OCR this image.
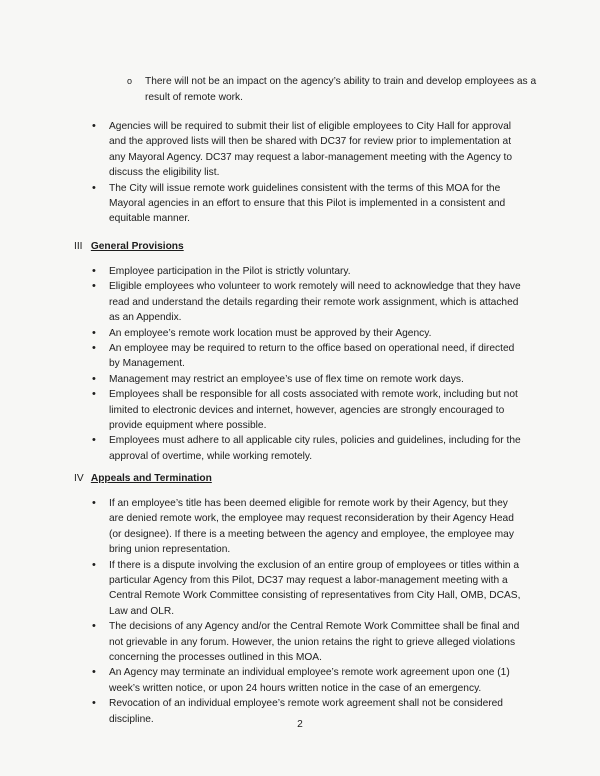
o	There will not be an impact on the agency’s ability to train and develop employees as a result of remote work.
• Agencies will be required to submit their list of eligible employees to City Hall for approval and the approved lists will then be shared with DC37 for review prior to implementation at any Mayoral Agency. DC37 may request a labor-management meeting with the Agency to discuss the eligibility list.
• The City will issue remote work guidelines consistent with the terms of this MOA for the Mayoral agencies in an effort to ensure that this Pilot is implemented in a consistent and equitable manner.
III General Provisions
• Employee participation in the Pilot is strictly voluntary.
• Eligible employees who volunteer to work remotely will need to acknowledge that they have read and understand the details regarding their remote work assignment, which is attached as an Appendix.
• An employee’s remote work location must be approved by their Agency.
• An employee may be required to return to the office based on operational need, if directed by Management.
• Management may restrict an employee’s use of flex time on remote work days.
• Employees shall be responsible for all costs associated with remote work, including but not limited to electronic devices and internet, however, agencies are strongly encouraged to provide equipment where possible.
• Employees must adhere to all applicable city rules, policies and guidelines, including for the approval of overtime, while working remotely.
IV Appeals and Termination
• If an employee’s title has been deemed eligible for remote work by their Agency, but they are denied remote work, the employee may request reconsideration by their Agency Head (or designee). If there is a meeting between the agency and employee, the employee may bring union representation.
• If there is a dispute involving the exclusion of an entire group of employees or titles within a particular Agency from this Pilot, DC37 may request a labor-management meeting with a Central Remote Work Committee consisting of representatives from City Hall, OMB, DCAS, Law and OLR.
• The decisions of any Agency and/or the Central Remote Work Committee shall be final and not grievable in any forum. However, the union retains the right to grieve alleged violations concerning the processes outlined in this MOA.
• An Agency may terminate an individual employee’s remote work agreement upon one (1) week’s written notice, or upon 24 hours written notice in the case of an emergency.
• Revocation of an individual employee’s remote work agreement shall not be considered discipline.	2
